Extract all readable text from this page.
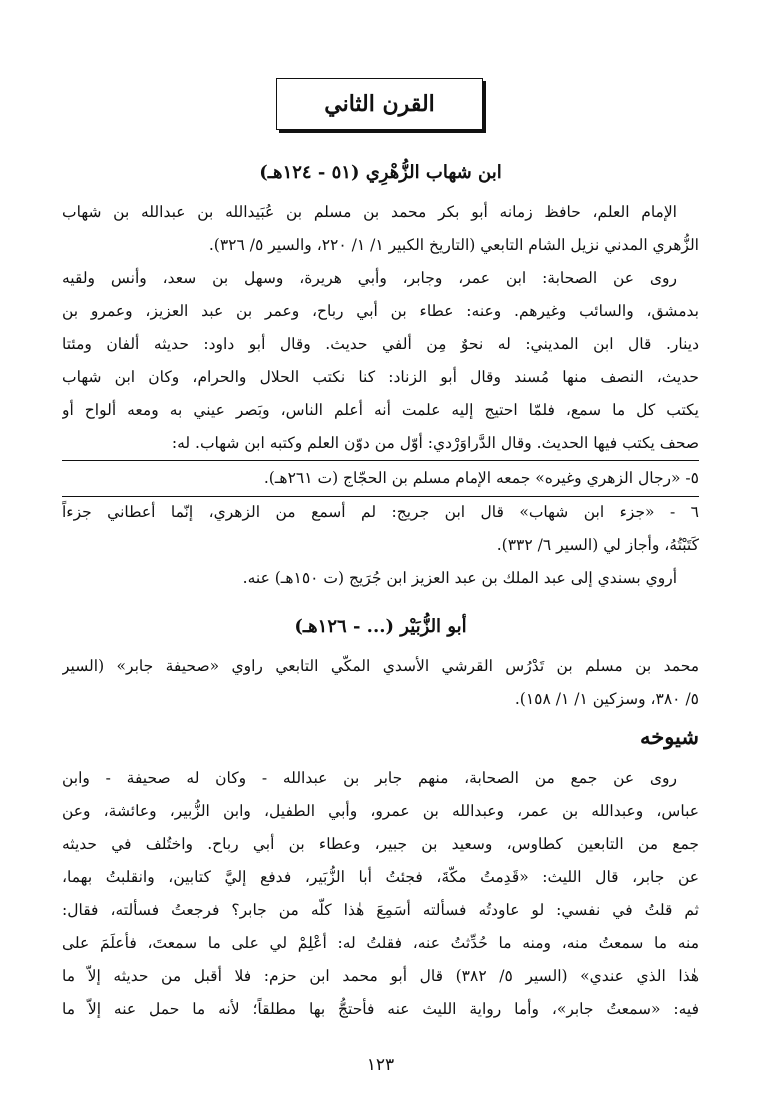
القرن الثاني
ابن شهاب الزُّهْرِي (٥١ - ١٢٤هـ)
الإمام العلم، حافظ زمانه أبو بكر محمد بن مسلم بن عُبَيدالله بن عبدالله بن شهاب
الزُّهري المدني نزيل الشام التابعي (التاريخ الكبير ١/ ١/ ٢٢٠، والسير ٥/ ٣٢٦).
روى عن الصحابة: ابن عمر، وجابر، وأبي هريرة، وسهل بن سعد، وأنس ولقيه
بدمشق، والسائب وغيرهم. وعنه: عطاء بن أبي رباح، وعمر بن عبد العزيز، وعمرو بن
دينار. قال ابن المديني: له نحوٌ مِن ألفي حديث. وقال أبو داود: حديثه ألفان ومئتا
حديث، النصف منها مُسند وقال أبو الزناد: كنا نكتب الحلال والحرام، وكان ابن شهاب
يكتب كل ما سمع، فلمّا احتيج إليه علمت أنه أعلم الناس، وبَصر عيني به ومعه ألواح أو
صحف يكتب فيها الحديث. وقال الدَّراوَرْدي: أوّل من دوّن العلم وكتبه ابن شهاب. له:
٥- «رجال الزهري وغيره» جمعه الإمام مسلم بن الحجّاج (ت ٢٦١هـ).
٦ - «جزء ابن شهاب» قال ابن جريج: لم أسمع من الزهري، إنّما أعطاني جزءاً
كَتَبْتُهُ، وأجاز لي (السير ٦/ ٣٣٢).
أروي بسندي إلى عبد الملك بن عبد العزيز ابن جُرَيج (ت ١٥٠هـ) عنه.
أبو الزُّبَيْر (... - ١٢٦هـ)
محمد بن مسلم بن تَدْرُس القرشي الأسدي المكّي التابعي راوي «صحيفة جابر» (السير
٥/ ٣٨٠، وسزكين ١/ ١/ ١٥٨).
شيوخه
روى عن جمع من الصحابة، منهم جابر بن عبدالله - وكان له صحيفة - وابن
عباس، وعبدالله بن عمر، وعبدالله بن عمرو، وأبي الطفيل، وابن الزُّبير، وعائشة، وعن
جمع من التابعين كطاوس، وسعيد بن جبير، وعطاء بن أبي رباح. واختُلف في حديثه
عن جابر، قال الليث: «قَدِمتُ مكّةَ، فجئتُ أبا الزُّبَير، فدفع إليَّ كتابين، وانقلبتُ بهما،
ثم قلتُ في نفسي: لو عاودتُه فسألته أسَمِعَ هٰذا كلّه من جابر؟ فرجعتُ فسألته، فقال:
منه ما سمعتُ منه، ومنه ما حُدِّثتُ عنه، فقلتُ له: أعْلِمْ لي على ما سمعتَ، فأعلَمَ على
هٰذا الذي عندي» (السير ٥/ ٣٨٢) قال أبو محمد ابن حزم: فلا أقبل من حديثه إلاّ ما
فيه: «سمعتُ جابر»، وأما رواية الليث عنه فأحتجُّ بها مطلقاً؛ لأنه ما حمل عنه إلاّ ما
١٢٣
